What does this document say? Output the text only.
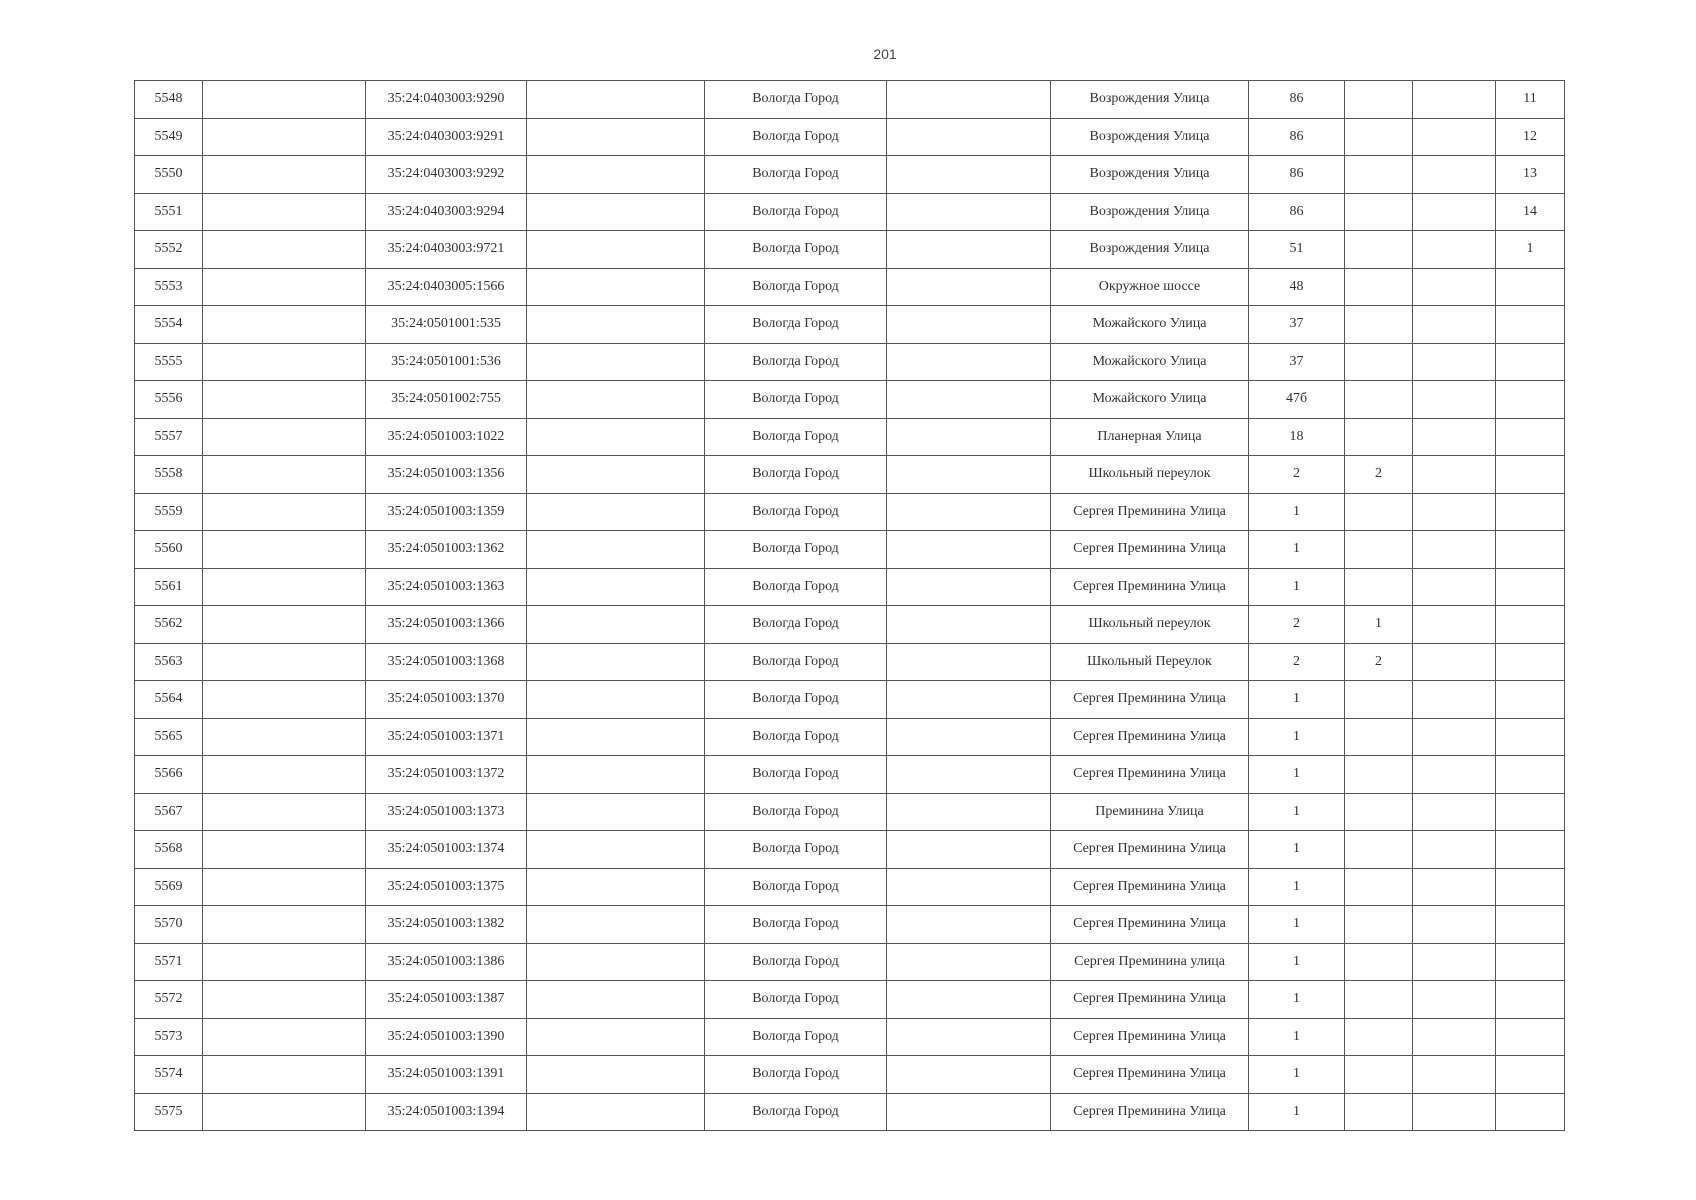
201
5548		35:24:0403003:9290		Вологда Город		Возрождения Улица	86			11
5549		35:24:0403003:9291		Вологда Город		Возрождения Улица	86			12
5550		35:24:0403003:9292		Вологда Город		Возрождения Улица	86			13
5551		35:24:0403003:9294		Вологда Город		Возрождения Улица	86			14
5552		35:24:0403003:9721		Вологда Город		Возрождения Улица	51			1
5553		35:24:0403005:1566		Вологда Город		Окружное шоссе	48			
5554		35:24:0501001:535		Вологда Город		Можайского Улица	37			
5555		35:24:0501001:536		Вологда Город		Можайского Улица	37			
5556		35:24:0501002:755		Вологда Город		Можайского Улица	47б			
5557		35:24:0501003:1022		Вологда Город		Планерная Улица	18			
5558		35:24:0501003:1356		Вологда Город		Школьный переулок	2	2		
5559		35:24:0501003:1359		Вологда Город		Сергея Преминина Улица	1			
5560		35:24:0501003:1362		Вологда Город		Сергея Преминина Улица	1			
5561		35:24:0501003:1363		Вологда Город		Сергея Преминина Улица	1			
5562		35:24:0501003:1366		Вологда Город		Школьный переулок	2	1		
5563		35:24:0501003:1368		Вологда Город		Школьный Переулок	2	2		
5564		35:24:0501003:1370		Вологда Город		Сергея Преминина Улица	1			
5565		35:24:0501003:1371		Вологда Город		Сергея Преминина Улица	1			
5566		35:24:0501003:1372		Вологда Город		Сергея Преминина Улица	1			
5567		35:24:0501003:1373		Вологда Город		Преминина Улица	1			
5568		35:24:0501003:1374		Вологда Город		Сергея Преминина Улица	1			
5569		35:24:0501003:1375		Вологда Город		Сергея Преминина Улица	1			
5570		35:24:0501003:1382		Вологда Город		Сергея Преминина Улица	1			
5571		35:24:0501003:1386		Вологда Город		Сергея Преминина улица	1			
5572		35:24:0501003:1387		Вологда Город		Сергея Преминина Улица	1			
5573		35:24:0501003:1390		Вологда Город		Сергея Преминина Улица	1			
5574		35:24:0501003:1391		Вологда Город		Сергея Преминина Улица	1			
5575		35:24:0501003:1394		Вологда Город		Сергея Преминина Улица	1			
